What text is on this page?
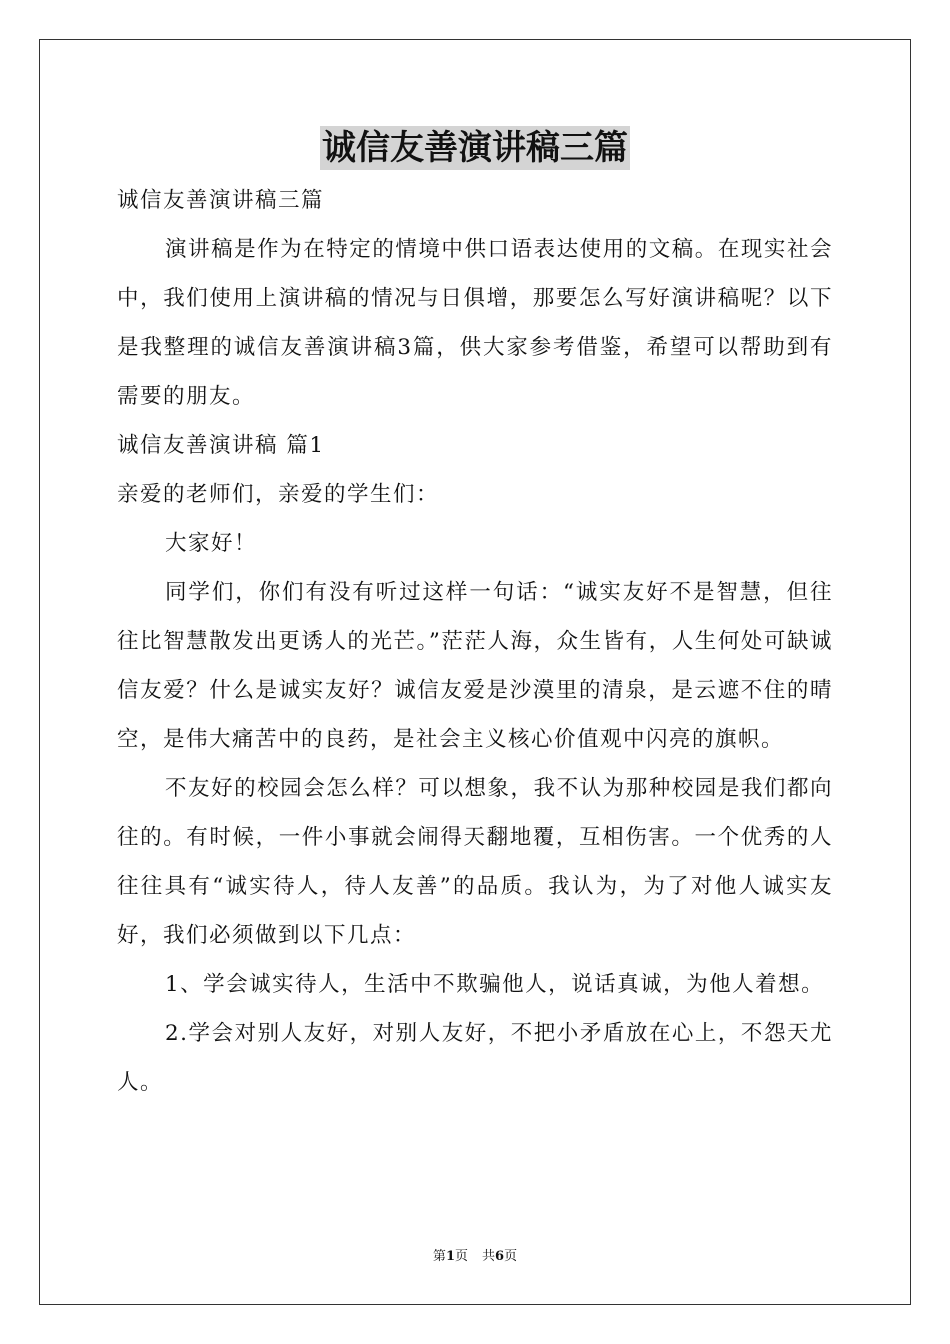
诚信友善演讲稿三篇

诚信友善演讲稿三篇

演讲稿是作为在特定的情境中供口语表达使用的文稿。在现实社会中，我们使用上演讲稿的情况与日俱增，那要怎么写好演讲稿呢？以下是我整理的诚信友善演讲稿3篇，供大家参考借鉴，希望可以帮助到有需要的朋友。

诚信友善演讲稿 篇1

亲爱的老师们，亲爱的学生们：

大家好！

同学们，你们有没有听过这样一句话：“诚实友好不是智慧，但往往比智慧散发出更诱人的光芒。”茫茫人海，众生皆有，人生何处可缺诚信友爱？什么是诚实友好？诚信友爱是沙漠里的清泉，是云遮不住的晴空，是伟大痛苦中的良药，是社会主义核心价值观中闪亮的旗帜。

不友好的校园会怎么样？可以想象，我不认为那种校园是我们都向往的。有时候，一件小事就会闹得天翻地覆，互相伤害。一个优秀的人往往具有“诚实待人，待人友善”的品质。我认为，为了对他人诚实友好，我们必须做到以下几点：

1、学会诚实待人，生活中不欺骗他人，说话真诚，为他人着想。

2.学会对别人友好，对别人友好，不把小矛盾放在心上，不怨天尤人。

第1页 共6页
